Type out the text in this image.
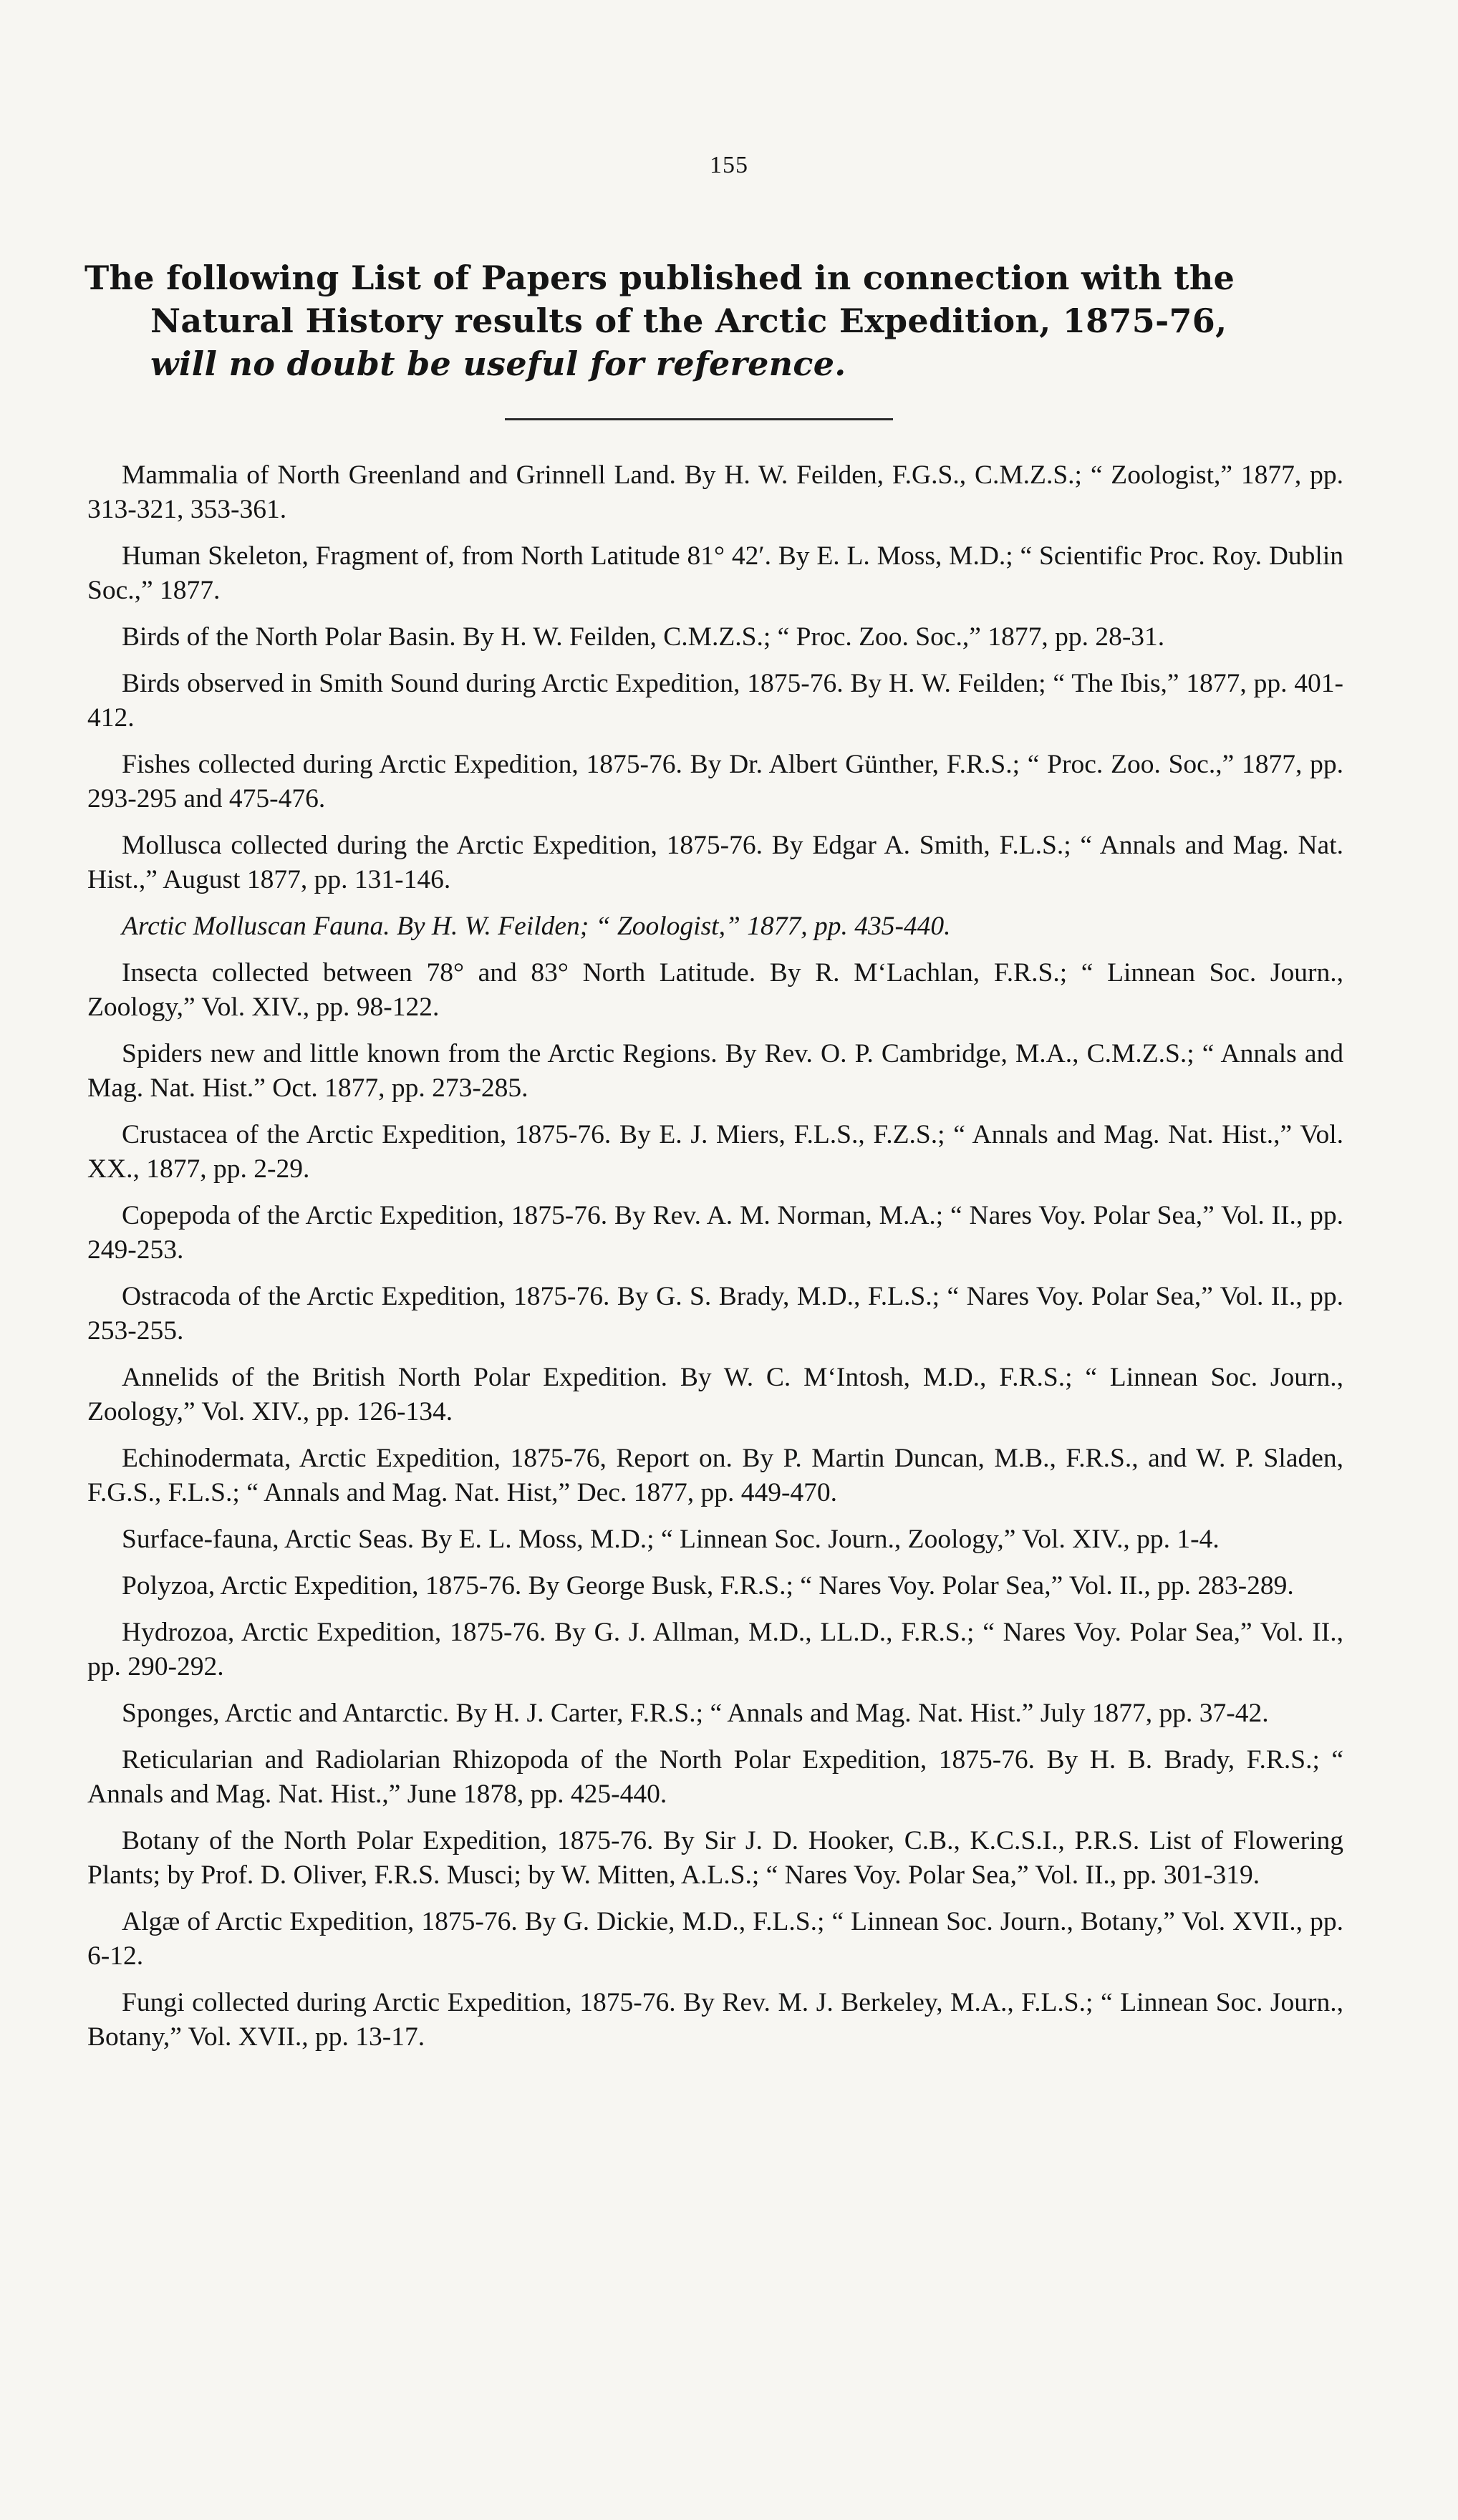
155
The following List of Papers published in connection with the
Natural History results of the Arctic Expedition, 1875-76,
will no doubt be useful for reference.

Mammalia of North Greenland and Grinnell Land. By H. W. Feilden, F.G.S., C.M.Z.S.; “ Zoologist,” 1877, pp. 313-321, 353-361.

Human Skeleton, Fragment of, from North Latitude 81° 42′. By E. L. Moss, M.D.; “ Scientific Proc. Roy. Dublin Soc.,” 1877.

Birds of the North Polar Basin. By H. W. Feilden, C.M.Z.S.; “ Proc. Zoo. Soc.,” 1877, pp. 28-31.

Birds observed in Smith Sound during Arctic Expedition, 1875-76. By H. W. Feilden; “ The Ibis,” 1877, pp. 401-412.

Fishes collected during Arctic Expedition, 1875-76. By Dr. Albert Günther, F.R.S.; “ Proc. Zoo. Soc.,” 1877, pp. 293-295 and 475-476.

Mollusca collected during the Arctic Expedition, 1875-76. By Edgar A. Smith, F.L.S.; “ Annals and Mag. Nat. Hist.,” August 1877, pp. 131-146.

Arctic Molluscan Fauna. By H. W. Feilden; “ Zoologist,” 1877, pp. 435-440.

Insecta collected between 78° and 83° North Latitude. By R. M‘Lachlan, F.R.S.; “ Linnean Soc. Journ., Zoology,” Vol. XIV., pp. 98-122.

Spiders new and little known from the Arctic Regions. By Rev. O. P. Cambridge, M.A., C.M.Z.S.; “ Annals and Mag. Nat. Hist.” Oct. 1877, pp. 273-285.

Crustacea of the Arctic Expedition, 1875-76. By E. J. Miers, F.L.S., F.Z.S.; “ Annals and Mag. Nat. Hist.,” Vol. XX., 1877, pp. 2-29.

Copepoda of the Arctic Expedition, 1875-76. By Rev. A. M. Norman, M.A.; “ Nares Voy. Polar Sea,” Vol. II., pp. 249-253.

Ostracoda of the Arctic Expedition, 1875-76. By G. S. Brady, M.D., F.L.S.; “ Nares Voy. Polar Sea,” Vol. II., pp. 253-255.

Annelids of the British North Polar Expedition. By W. C. M‘Intosh, M.D., F.R.S.; “ Linnean Soc. Journ., Zoology,” Vol. XIV., pp. 126-134.

Echinodermata, Arctic Expedition, 1875-76, Report on. By P. Martin Duncan, M.B., F.R.S., and W. P. Sladen, F.G.S., F.L.S.; “ Annals and Mag. Nat. Hist,” Dec. 1877, pp. 449-470.

Surface-fauna, Arctic Seas. By E. L. Moss, M.D.; “ Linnean Soc. Journ., Zoology,” Vol. XIV., pp. 1-4.

Polyzoa, Arctic Expedition, 1875-76. By George Busk, F.R.S.; “ Nares Voy. Polar Sea,” Vol. II., pp. 283-289.

Hydrozoa, Arctic Expedition, 1875-76. By G. J. Allman, M.D., LL.D., F.R.S.; “ Nares Voy. Polar Sea,” Vol. II., pp. 290-292.

Sponges, Arctic and Antarctic. By H. J. Carter, F.R.S.; “ Annals and Mag. Nat. Hist.” July 1877, pp. 37-42.

Reticularian and Radiolarian Rhizopoda of the North Polar Expedition, 1875-76. By H. B. Brady, F.R.S.; “ Annals and Mag. Nat. Hist.,” June 1878, pp. 425-440.

Botany of the North Polar Expedition, 1875-76. By Sir J. D. Hooker, C.B., K.C.S.I., P.R.S. List of Flowering Plants; by Prof. D. Oliver, F.R.S. Musci; by W. Mitten, A.L.S.; “ Nares Voy. Polar Sea,” Vol. II., pp. 301-319.

Algæ of Arctic Expedition, 1875-76. By G. Dickie, M.D., F.L.S.; “ Linnean Soc. Journ., Botany,” Vol. XVII., pp. 6-12.

Fungi collected during Arctic Expedition, 1875-76. By Rev. M. J. Berkeley, M.A., F.L.S.; “ Linnean Soc. Journ., Botany,” Vol. XVII., pp. 13-17.
